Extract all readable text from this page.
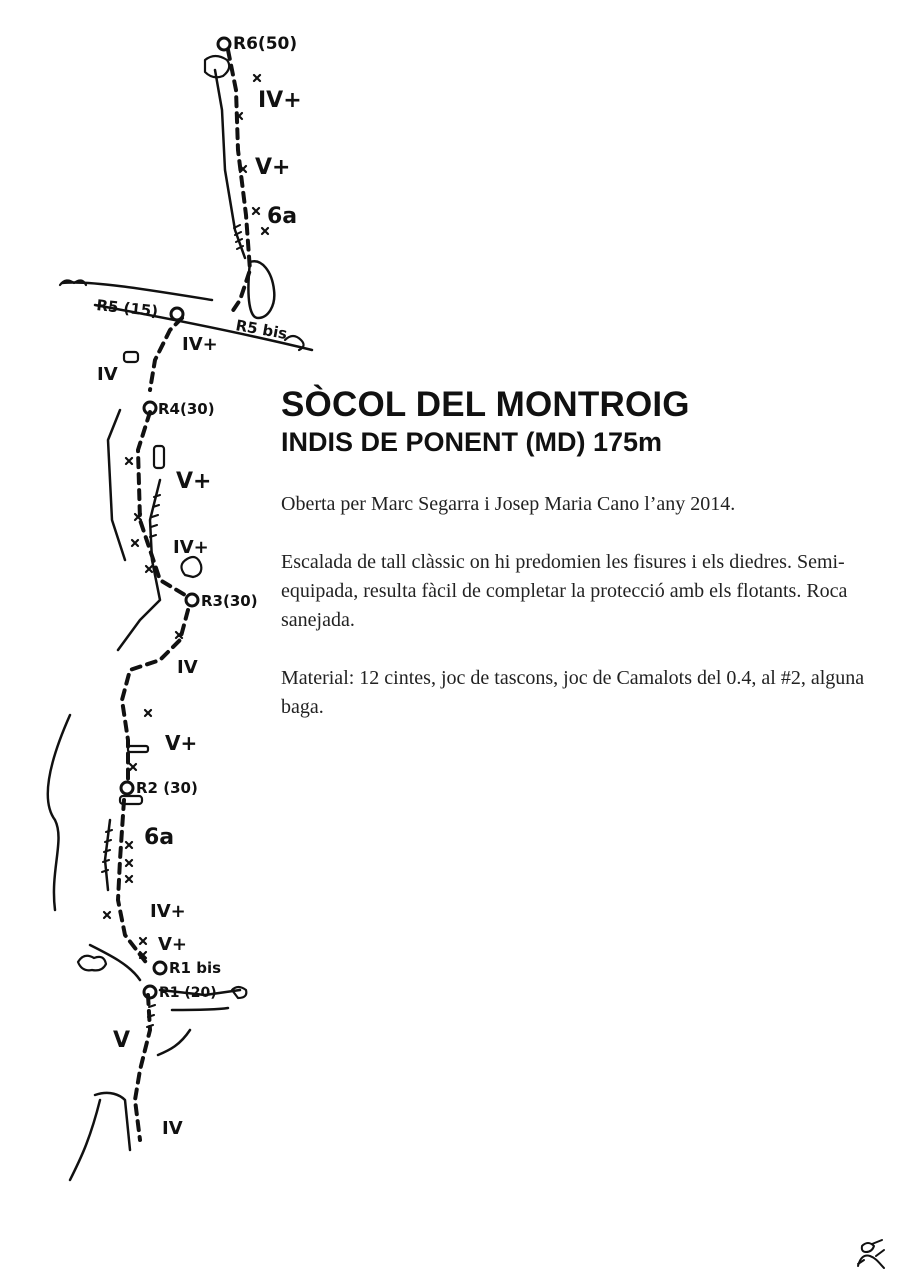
R6(50)
R5 (15)
R5 bis
R4(30)
R3(30)
R2 (30)
R1 bis
R1 (20)
IV+
V+
6a
IV+
IV
V+
IV+
IV
V+
6a
IV+
V+
V
IV
SÒCOL DEL MONTROIG
INDIS DE PONENT (MD) 175m

Oberta per Marc Segarra i Josep Maria Cano l’any 2014.

Escalada de tall clàssic on hi predomien les fisures i els diedres. Semi-equipada, resulta fàcil de completar la protecció amb els flotants. Roca sanejada.

Material: 12 cintes, joc de tascons, joc de Camalots del 0.4, al #2, alguna baga.
